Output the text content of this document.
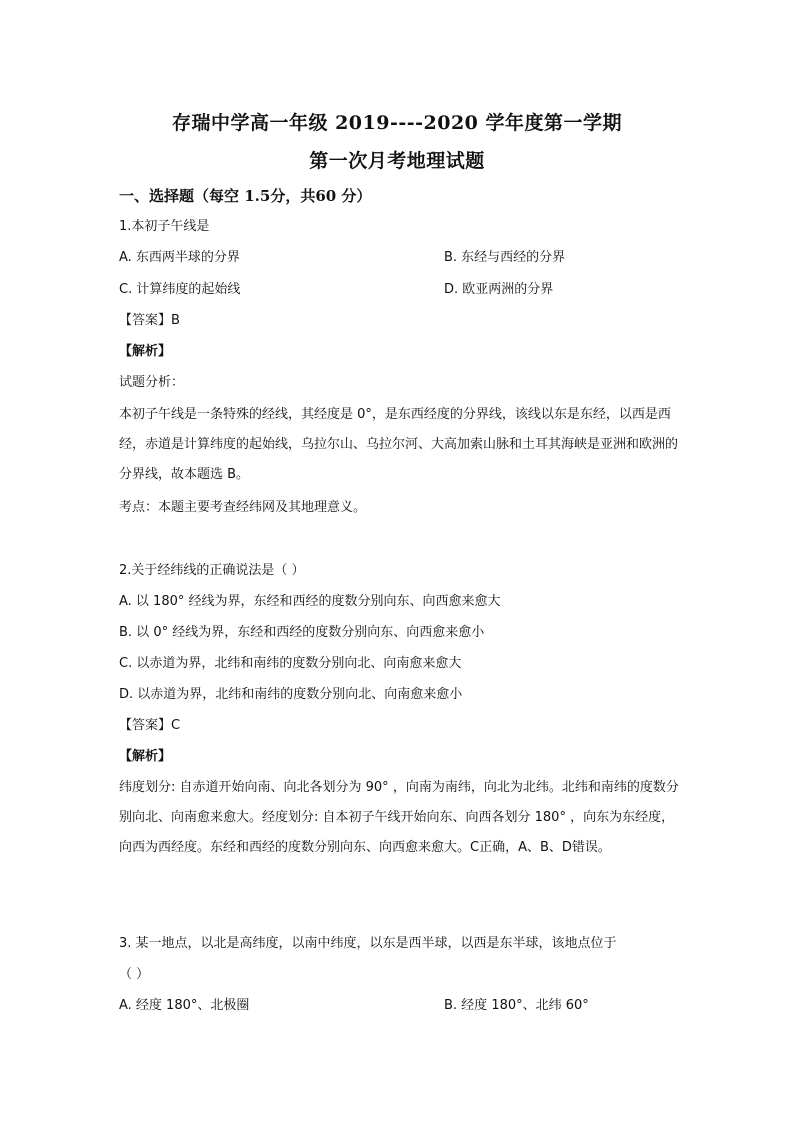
存瑞中学高一年级 2019----2020 学年度第一学期
第一次月考地理试题
一、选择题（每空 1.5分，共60 分）
1.本初子午线是
A. 东西两半球的分界	B. 东经与西经的分界
C. 计算纬度的起始线	D. 欧亚两洲的分界
【答案】B
【解析】
试题分析：
本初子午线是一条特殊的经线，其经度是 0°，是东西经度的分界线，该线以东是东经，以西是西经，赤道是计算纬度的起始线，乌拉尔山、乌拉尔河、大高加索山脉和土耳其海峡是亚洲和欧洲的分界线，故本题选 B。
考点：本题主要考查经纬网及其地理意义。
2.关于经纬线的正确说法是（ ）
A. 以 180° 经线为界，东经和西经的度数分别向东、向西愈来愈大
B. 以 0° 经线为界，东经和西经的度数分别向东、向西愈来愈小
C. 以赤道为界，北纬和南纬的度数分别向北、向南愈来愈大
D. 以赤道为界，北纬和南纬的度数分别向北、向南愈来愈小
【答案】C
【解析】
纬度划分: 自赤道开始向南、向北各划分为 90° ，向南为南纬，向北为北纬。北纬和南纬的度数分别向北、向南愈来愈大。经度划分: 自本初子午线开始向东、向西各划分 180° ，向东为东经度，向西为西经度。东经和西经的度数分别向东、向西愈来愈大。C正确，A、B、D错误。
3. 某一地点，以北是高纬度，以南中纬度，以东是西半球，以西是东半球，该地点位于
（ ）
A. 经度 180°、北极圈	B. 经度 180°、北纬 60°
